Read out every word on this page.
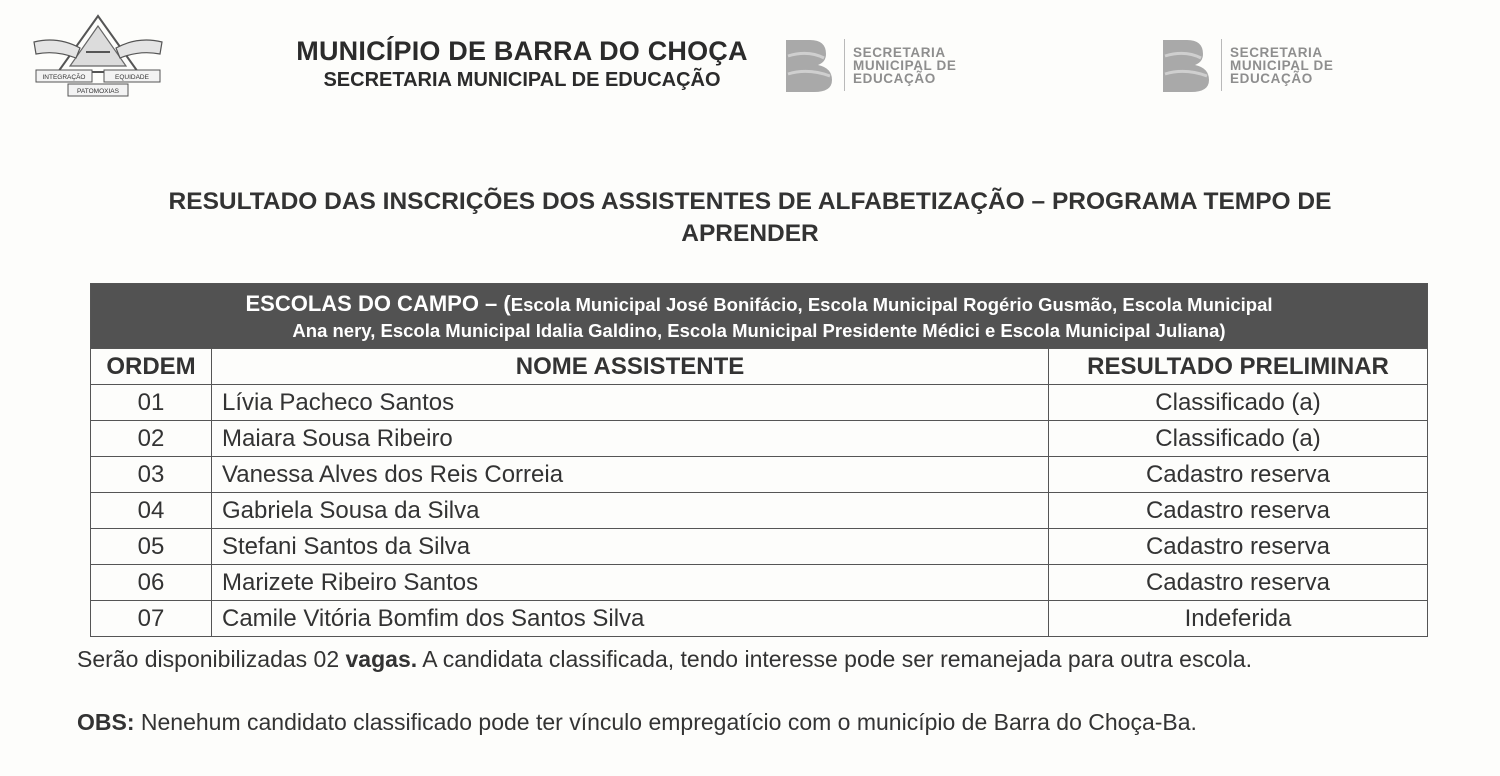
INTEGRAÇÃO	EQUIDADE
PATOMOXIAS
MUNICÍPIO DE BARRA DO CHOÇA
SECRETARIA MUNICIPAL DE EDUCAÇÃO
SECRETARIA
MUNICIPAL DE
EDUCAÇÃO
SECRETARIA
MUNICIPAL DE
EDUCAÇÃO
RESULTADO DAS INSCRIÇÕES DOS ASSISTENTES DE ALFABETIZAÇÃO – PROGRAMA TEMPO DE
APRENDER
ESCOLAS DO CAMPO – (Escola Municipal José Bonifácio, Escola Municipal Rogério Gusmão, Escola Municipal
Ana nery, Escola Municipal Idalia Galdino, Escola Municipal Presidente Médici e Escola Municipal Juliana)		

ORDEM	NOME ASSISTENTE	RESULTADO PRELIMINAR
01	Lívia Pacheco Santos	Classificado (a)
02	Maiara Sousa Ribeiro	Classificado (a)
03	Vanessa Alves dos Reis Correia	Cadastro reserva
04	Gabriela Sousa da Silva	Cadastro reserva
05	Stefani Santos da Silva	Cadastro reserva
06	Marizete Ribeiro Santos	Cadastro reserva
07	Camile Vitória Bomfim dos Santos Silva	Indeferida
Serão disponibilizadas 02 vagas. A candidata classificada, tendo interesse pode ser remanejada para outra escola.
OBS: Nenehum candidato classificado pode ter vínculo empregatício com o município de Barra do Choça-Ba.
